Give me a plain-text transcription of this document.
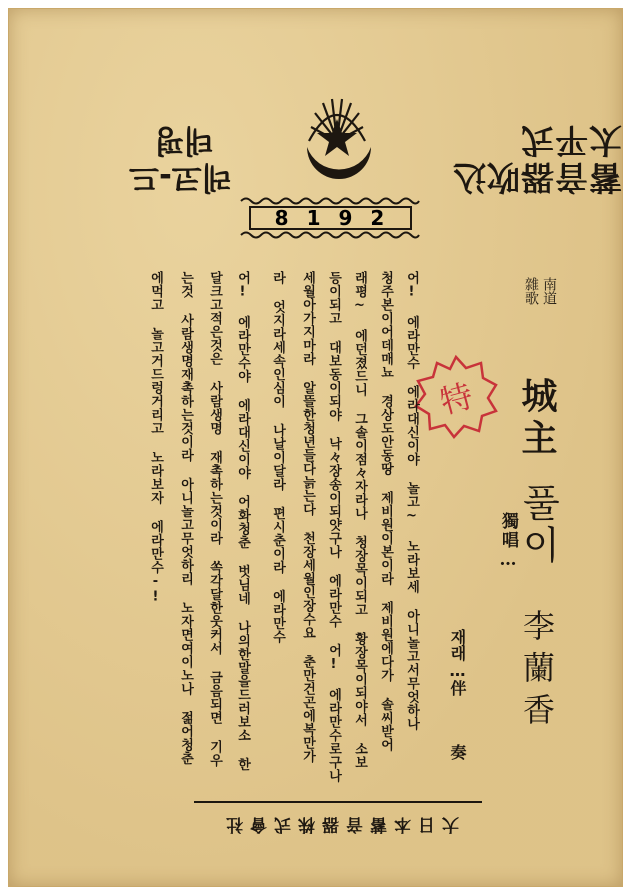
太平式
蓄音器吹込
태평
레코-드
8192
南道
雜歌
城主
풀이
獨唱…
李蘭香
재래…伴
奏
特
어! 에라만수 에라대신이야 놀고~ 노라보세 아니놀고서무엇하나
청주본이어데매뇨 경상도안동땅 제비원이본이라 제비원에다가 솔씨받어
래평~ 에던졌드니 그솔이점々자라나 청장목이되고 황장목이되야서 소보
등이되고 대보동이되야 낙々장송이되얏구나 에라만수 어! 에라만수로구나
세월아가지마라 알뜰한청년들다늙는다 천장세월인장수요 춘만건곤에복만가
라 엇지라세속인심이 나날이달라 편시춘이라 에라만수
어! 에라만수야 에라대신이야 어화청춘 벗님네 나의한말을드러보소 한
달크고적은것은 사람생명 재촉하는것이라 쏙각달한웃커서 금음되면 기우
는것 사람생명재촉하는것이라 아니놀고무엇하리 노자면여이노나 젊어청춘
에먹고 놀고거드렁거리고 노라보자 에라만수-!
大日本蓄音器株式會社
